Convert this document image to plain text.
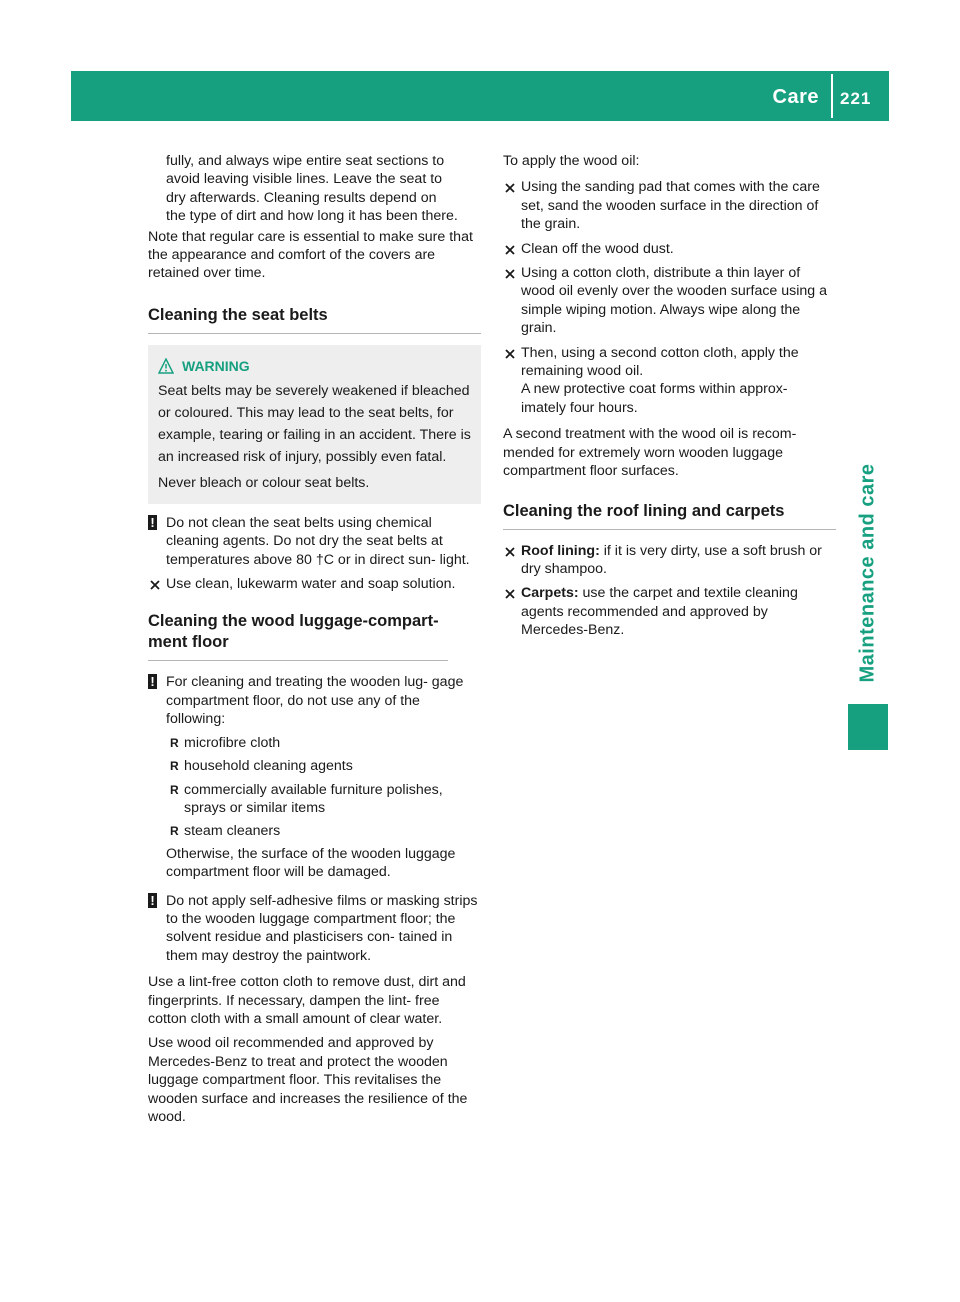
Care 221
Maintenance and care
fully, and always wipe entire seat sections to
avoid leaving visible lines. Leave the seat to
dry afterwards. Cleaning results depend on
the type of dirt and how long it has been there.

Note that regular care is essential to make sure that the appearance and comfort of the covers are retained over time.

Cleaning the seat belts
WARNING

Seat belts may be severely weakened if bleached or coloured. This may lead to the seat belts, for example, tearing or failing in an accident. There is an increased risk of injury, possibly even fatal.

Never bleach or colour seat belts.

! Do not clean the seat belts using chemical cleaning agents. Do not dry the seat belts at temperatures above 80 †C or in direct sun- light.
Use clean, lukewarm water and soap solution.
Cleaning the wood luggage-compart- ment floor
! For cleaning and treating the wooden lug- gage compartment floor, do not use any of the following:
R microfibre cloth
R household cleaning agents
R commercially available furniture polishes, sprays or similar items
R steam cleaners

Otherwise, the surface of the wooden luggage compartment floor will be damaged.

! Do not apply self-adhesive films or masking strips to the wooden luggage compartment floor; the solvent residue and plasticisers con- tained in them may destroy the paintwork.

Use a lint-free cotton cloth to remove dust, dirt and fingerprints. If necessary, dampen the lint- free cotton cloth with a small amount of clear water.

Use wood oil recommended and approved by Mercedes-Benz to treat and protect the wooden luggage compartment floor. This revitalises the wooden surface and increases the resilience of the wood.

To apply the wood oil:

Using the sanding pad that comes with the care set, sand the wooden surface in the direction of the grain.
Clean off the wood dust.
Using a cotton cloth, distribute a thin layer of wood oil evenly over the wooden surface using a simple wiping motion. Always wipe along the grain.
Then, using a second cotton cloth, apply the remaining wood oil.

A new protective coat forms within approx- imately four hours.

A second treatment with the wood oil is recom- mended for extremely worn wooden luggage compartment floor surfaces.

Cleaning the roof lining and carpets
Roof lining: if it is very dirty, use a soft brush or dry shampoo.
Carpets: use the carpet and textile cleaning agents recommended and approved by Mercedes-Benz.
